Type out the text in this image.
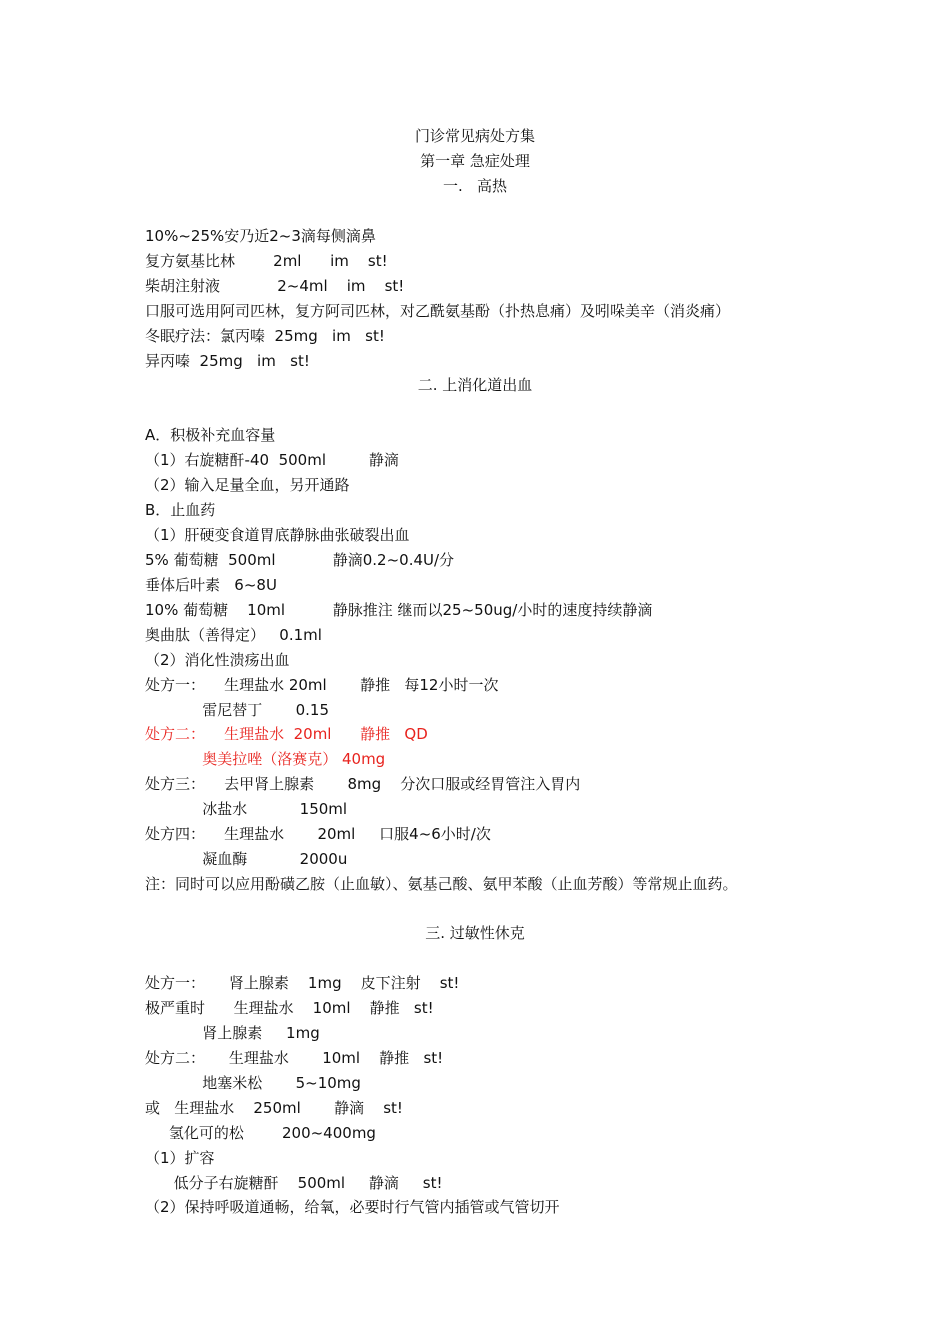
门诊常见病处方集
第一章 急症处理
一.   高热
10%~25%安乃近2~3滴每侧滴鼻
复方氨基比林        2ml      im    st!
柴胡注射液            2~4ml    im    st!
口服可选用阿司匹林，复方阿司匹林，对乙酰氨基酚（扑热息痛）及吲哚美辛（消炎痛）
冬眠疗法：氯丙嗪  25mg   im   st!
异丙嗪  25mg   im   st!
二. 上消化道出血
A．积极补充血容量
（1）右旋糖酐-40  500ml         静滴
（2）输入足量全血，另开通路
B．止血药
（1）肝硬变食道胃底静脉曲张破裂出血
5% 葡萄糖  500ml            静滴0.2~0.4U/分
垂体后叶素   6~8U
10% 葡萄糖    10ml          静脉推注 继而以25~50ug/小时的速度持续静滴
奥曲肽（善得定）   0.1ml
（2）消化性溃疡出血
处方一：    生理盐水 20ml       静推   每12小时一次
雷尼替丁       0.15
处方二：    生理盐水  20ml      静推   QD
奥美拉唑（洛赛克） 40mg
处方三：    去甲肾上腺素       8mg    分次口服或经胃管注入胃内
冰盐水           150ml
处方四：    生理盐水       20ml     口服4~6小时/次
凝血酶           2000u
注：同时可以应用酚磺乙胺（止血敏）、氨基己酸、氨甲苯酸（止血芳酸）等常规止血药。
三. 过敏性休克
处方一：     肾上腺素    1mg    皮下注射    st!
极严重时      生理盐水    10ml    静推   st!
肾上腺素     1mg
处方二：     生理盐水       10ml    静推   st!
地塞米松       5~10mg
或   生理盐水    250ml       静滴    st!
氢化可的松        200~400mg
（1）扩容
低分子右旋糖酐    500ml     静滴     st!
（2）保持呼吸道通畅，给氧，必要时行气管内插管或气管切开
